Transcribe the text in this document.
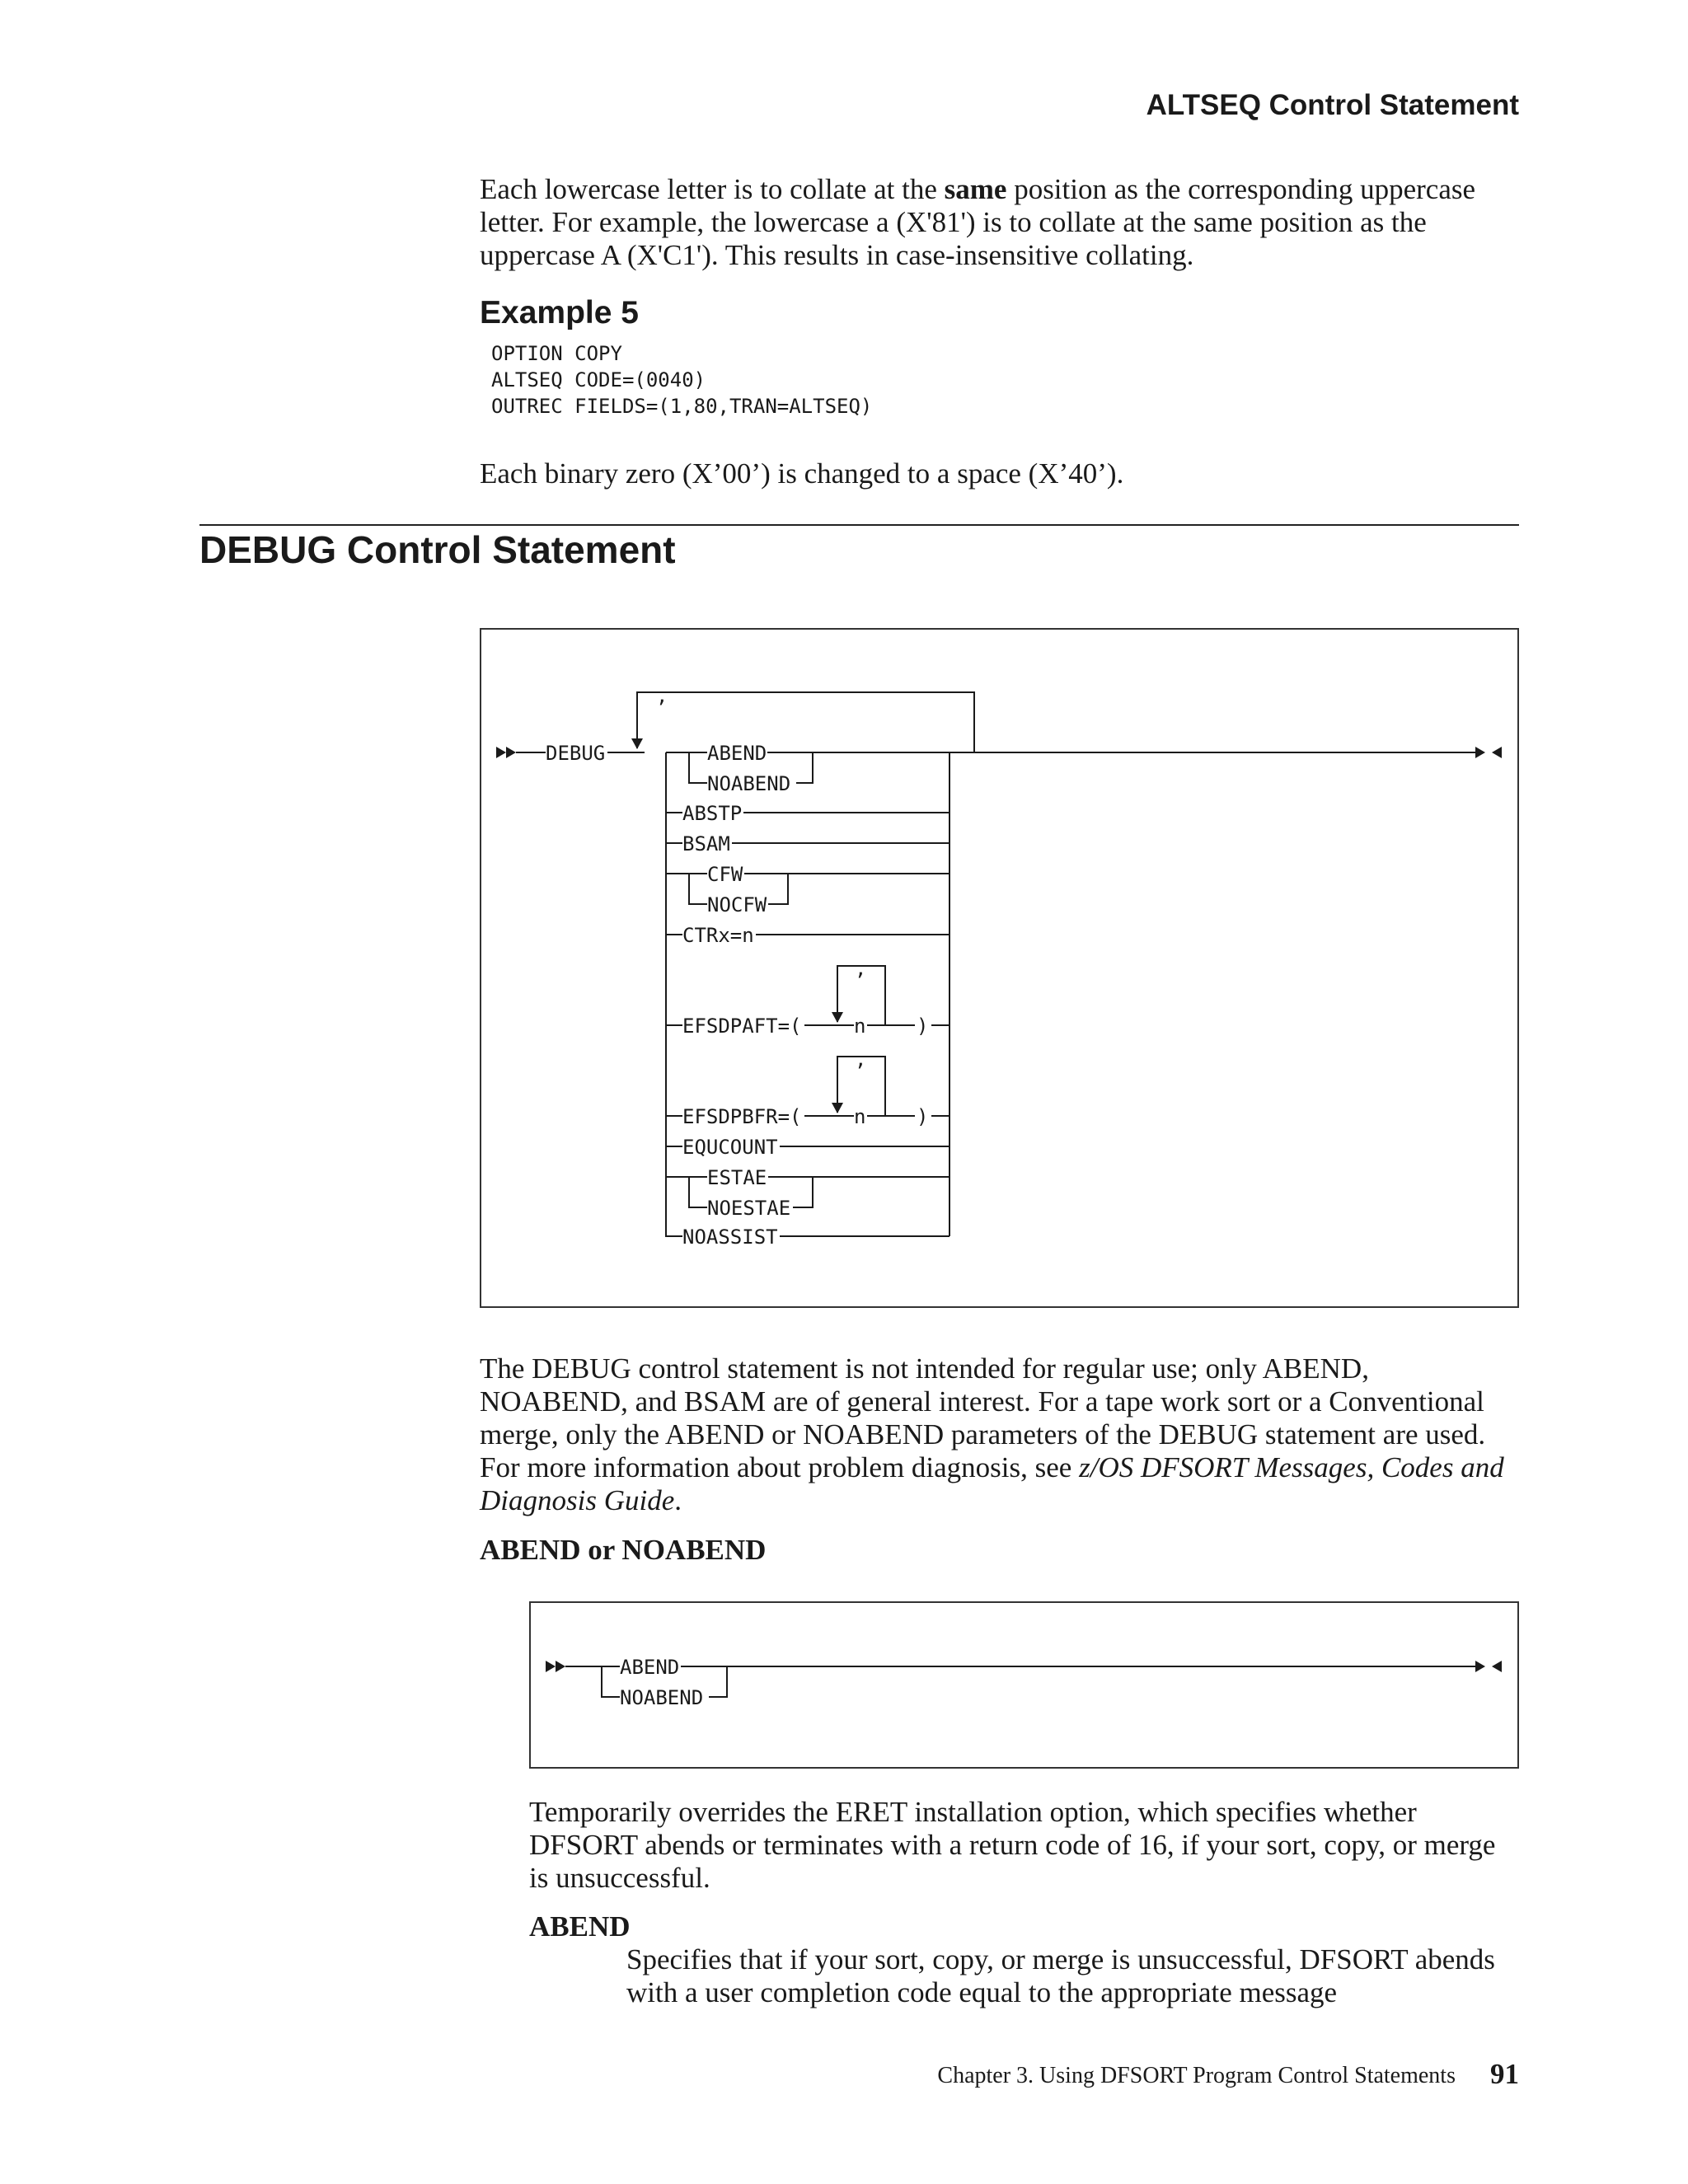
ALTSEQ Control Statement
Each lowercase letter is to collate at the same position as the corresponding uppercase letter. For example, the lowercase a (X'81') is to collate at the same position as the uppercase A (X'C1'). This results in case-insensitive collating.
Example 5
OPTION COPY
ALTSEQ CODE=(0040)
OUTREC FIELDS=(1,80,TRAN=ALTSEQ)
Each binary zero (X’00’) is changed to a space (X’40’).
DEBUG Control Statement
DEBUG
,
ABEND
NOABEND
ABSTP
BSAM
CFW
NOCFW
CTRx=n
,
EFSDPAFT=(	n	)
,
EFSDPBFR=(	n	)
EQUCOUNT
ESTAE
NOESTAE
NOASSIST
The DEBUG control statement is not intended for regular use; only ABEND, NOABEND, and BSAM are of general interest. For a tape work sort or a Conventional merge, only the ABEND or NOABEND parameters of the DEBUG statement are used. For more information about problem diagnosis, see z/OS DFSORT Messages, Codes and Diagnosis Guide.
ABEND or NOABEND
ABEND
NOABEND
Temporarily overrides the ERET installation option, which specifies whether DFSORT abends or terminates with a return code of 16, if your sort, copy, or merge is unsuccessful.
ABEND
Specifies that if your sort, copy, or merge is unsuccessful, DFSORT abends with a user completion code equal to the appropriate message
Chapter 3. Using DFSORT Program Control Statements 91
